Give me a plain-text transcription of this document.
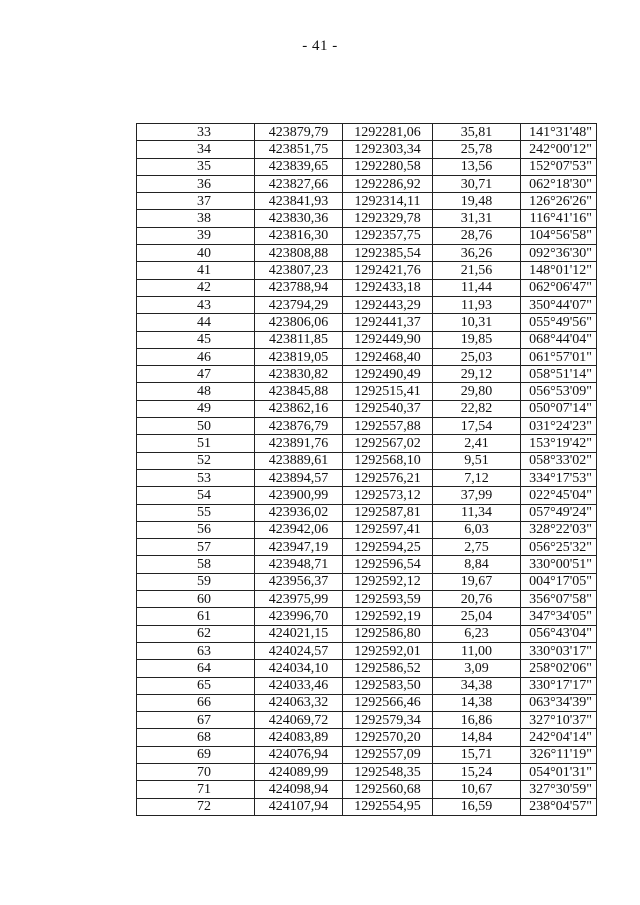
- 41 -
33	423879,79	1292281,06	35,81	141°31'48"
34	423851,75	1292303,34	25,78	242°00'12"
35	423839,65	1292280,58	13,56	152°07'53"
36	423827,66	1292286,92	30,71	062°18'30"
37	423841,93	1292314,11	19,48	126°26'26"
38	423830,36	1292329,78	31,31	116°41'16"
39	423816,30	1292357,75	28,76	104°56'58"
40	423808,88	1292385,54	36,26	092°36'30"
41	423807,23	1292421,76	21,56	148°01'12"
42	423788,94	1292433,18	11,44	062°06'47"
43	423794,29	1292443,29	11,93	350°44'07"
44	423806,06	1292441,37	10,31	055°49'56"
45	423811,85	1292449,90	19,85	068°44'04"
46	423819,05	1292468,40	25,03	061°57'01"
47	423830,82	1292490,49	29,12	058°51'14"
48	423845,88	1292515,41	29,80	056°53'09"
49	423862,16	1292540,37	22,82	050°07'14"
50	423876,79	1292557,88	17,54	031°24'23"
51	423891,76	1292567,02	2,41	153°19'42"
52	423889,61	1292568,10	9,51	058°33'02"
53	423894,57	1292576,21	7,12	334°17'53"
54	423900,99	1292573,12	37,99	022°45'04"
55	423936,02	1292587,81	11,34	057°49'24"
56	423942,06	1292597,41	6,03	328°22'03"
57	423947,19	1292594,25	2,75	056°25'32"
58	423948,71	1292596,54	8,84	330°00'51"
59	423956,37	1292592,12	19,67	004°17'05"
60	423975,99	1292593,59	20,76	356°07'58"
61	423996,70	1292592,19	25,04	347°34'05"
62	424021,15	1292586,80	6,23	056°43'04"
63	424024,57	1292592,01	11,00	330°03'17"
64	424034,10	1292586,52	3,09	258°02'06"
65	424033,46	1292583,50	34,38	330°17'17"
66	424063,32	1292566,46	14,38	063°34'39"
67	424069,72	1292579,34	16,86	327°10'37"
68	424083,89	1292570,20	14,84	242°04'14"
69	424076,94	1292557,09	15,71	326°11'19"
70	424089,99	1292548,35	15,24	054°01'31"
71	424098,94	1292560,68	10,67	327°30'59"
72	424107,94	1292554,95	16,59	238°04'57"
